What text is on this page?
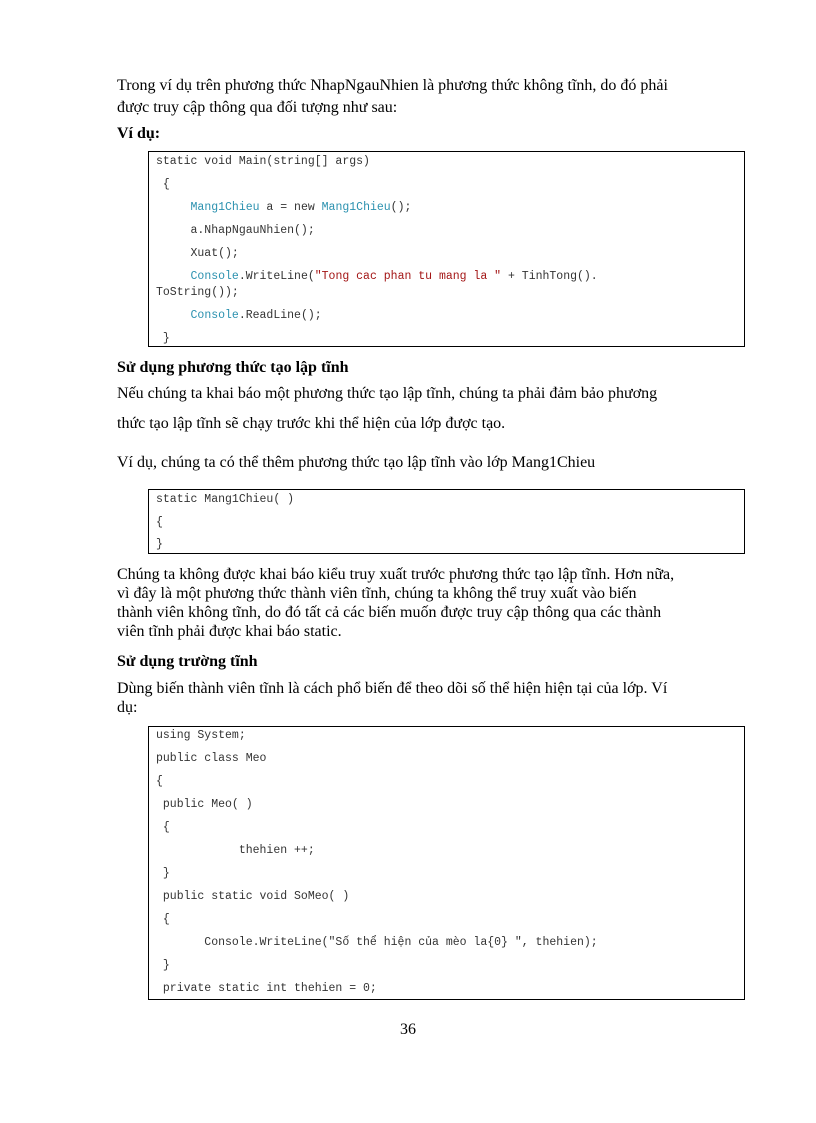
Trong ví dụ trên phương thức NhapNgauNhien là phương thức không tĩnh, do đó phải
được truy cập thông qua đối tượng như sau:
Ví dụ:
static void Main(string[] args)
{
Mang1Chieu a = new Mang1Chieu();
a.NhapNgauNhien();
Xuat();
Console.WriteLine("Tong cac phan tu mang la " + TinhTong().
ToString());
Console.ReadLine();
}
Sử dụng phương thức tạo lập tĩnh
Nếu chúng ta khai báo một phương thức tạo lập tĩnh, chúng ta phải đảm bảo phương
thức tạo lập tĩnh sẽ chạy trước khi thể hiện của lớp được tạo.
Ví dụ, chúng ta có thể thêm phương thức tạo lập tĩnh vào lớp Mang1Chieu
static Mang1Chieu( )
{
}
Chúng ta không được khai báo kiểu truy xuất trước phương thức tạo lập tĩnh. Hơn nữa,
vì đây là một phương thức thành viên tĩnh, chúng ta không thể truy xuất vào biến
thành viên không tĩnh, do đó tất cả các biến muốn được truy cập thông qua các thành
viên tĩnh phải được khai báo static.
Sử dụng trường tĩnh
Dùng biến thành viên tĩnh là cách phổ biến để theo dõi số thể hiện hiện tại của lớp. Ví
dụ:
using System;
public class Meo
{
public Meo( )
{
thehien ++;
}
public static void SoMeo( )
{
Console.WriteLine("Số thể hiện của mèo la{0} ", thehien);
}
private static int thehien = 0;
36
